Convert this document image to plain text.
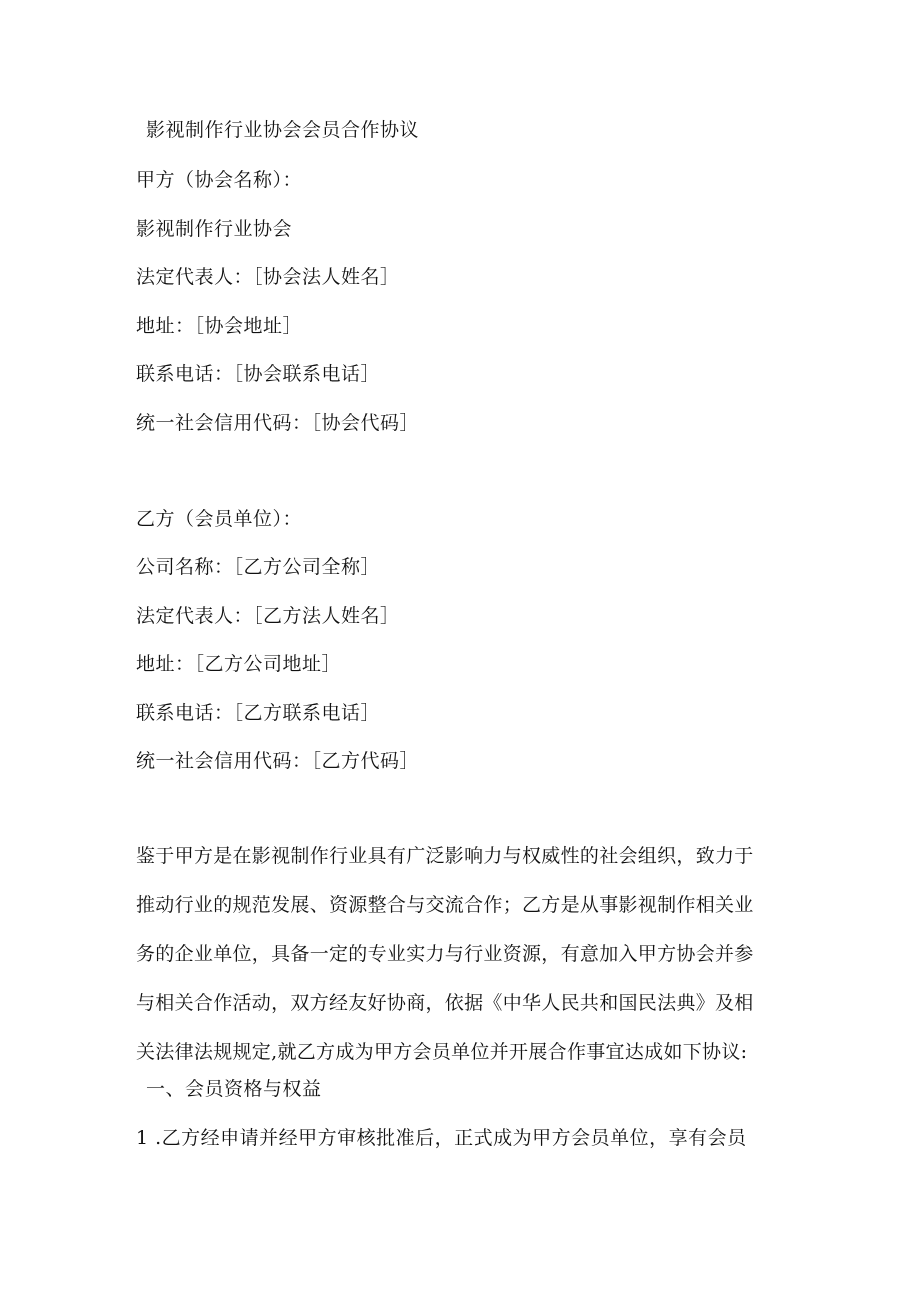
影视制作行业协会会员合作协议
甲方（协会名称）：
影视制作行业协会
法定代表人：［协会法人姓名］
地址：［协会地址］
联系电话：［协会联系电话］
统一社会信用代码：［协会代码］
乙方（会员单位）：
公司名称：［乙方公司全称］
法定代表人：［乙方法人姓名］
地址：［乙方公司地址］
联系电话：［乙方联系电话］
统一社会信用代码：［乙方代码］
鉴于甲方是在影视制作行业具有广泛影响力与权威性的社会组织，致力于
推动行业的规范发展、资源整合与交流合作；乙方是从事影视制作相关业
务的企业单位，具备一定的专业实力与行业资源，有意加入甲方协会并参
与相关合作活动，双方经友好协商，依据《中华人民共和国民法典》及相
关法律法规规定,就乙方成为甲方会员单位并开展合作事宜达成如下协议:
一、会员资格与权益
1 .乙方经申请并经甲方审核批准后，正式成为甲方会员单位，享有会员
